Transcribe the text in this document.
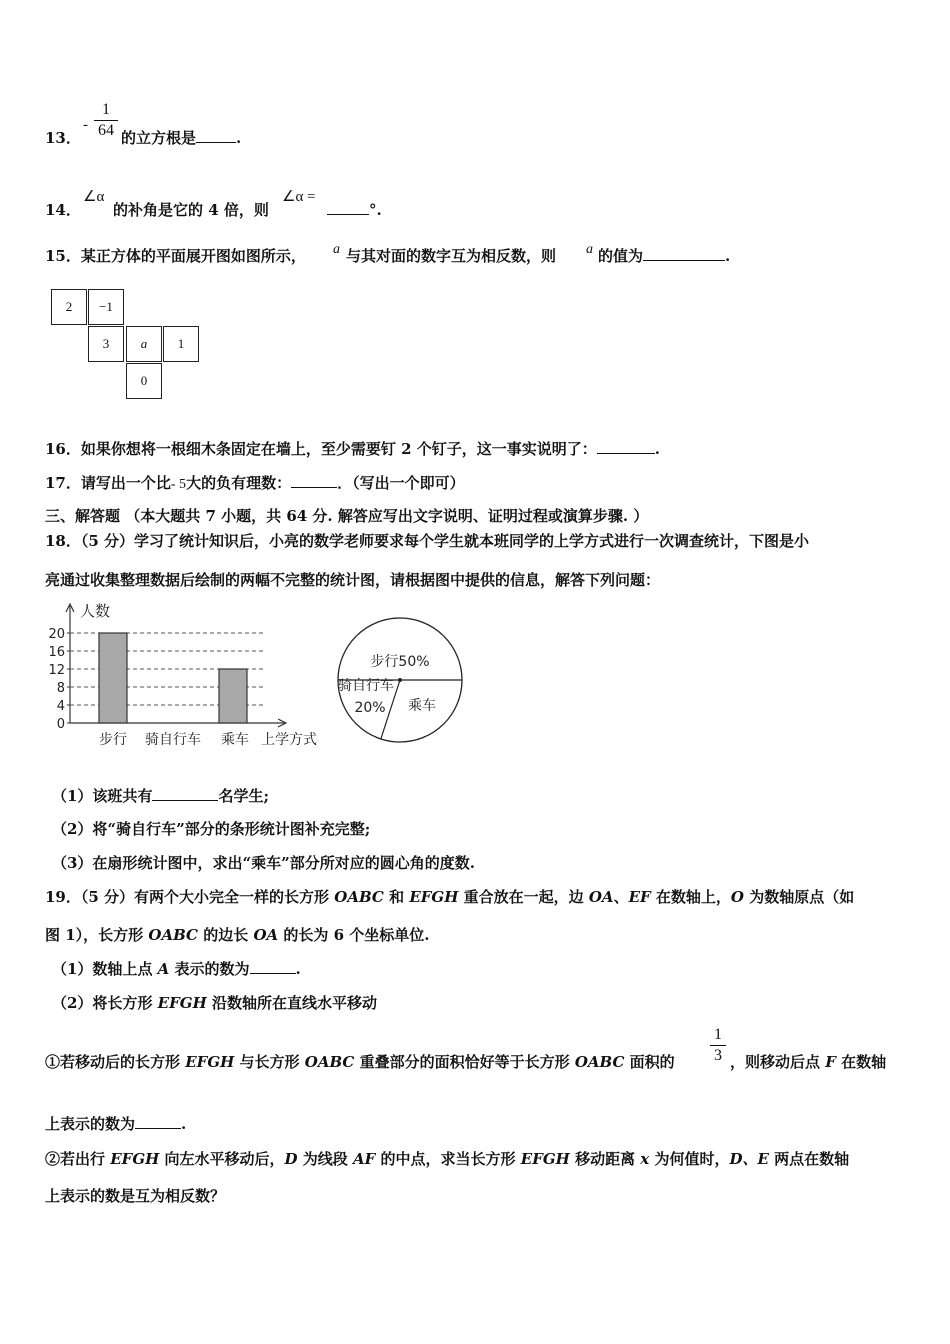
13．
-
1
64 的立方根是	.
14．
∠α
的补角是它的 4 倍，则
∠α =
°.
15．某正方体的平面展开图如图所示， a 与其对面的数字互为相反数，则 a 的值为	.
2	−1
3	a	1
0
16．如果你想将一根细木条固定在墙上，至少需要钉 2 个钉子，这一事实说明了：	.
17．请写出一个比- 5大的负有理数：	．（写出一个即可）
三、解答题 （本大题共 7 小题，共 64 分. 解答应写出文字说明、证明过程或演算步骤. ）
18．（5 分）学习了统计知识后，小亮的数学老师要求每个学生就本班同学的上学方式进行一次调查统计，下图是小
亮通过收集整理数据后绘制的两幅不完整的统计图，请根据图中提供的信息，解答下列问题：
人数
0
4
8
12
16
20
步行 骑自行车 乘车 上学方式
步行50%
骑自行车
20% 乘车
（1）该班共有	名学生;
（2）将“骑自行车”部分的条形统计图补充完整;
（3）在扇形统计图中，求出“乘车”部分所对应的圆心角的度数.
19．（5 分）有两个大小完全一样的长方形 OABC 和 EFGH 重合放在一起，边 OA、EF 在数轴上，O 为数轴原点（如
图 1），长方形 OABC 的边长 OA 的长为 6 个坐标单位.
（1）数轴上点 A 表示的数为	.
（2）将长方形 EFGH 沿数轴所在直线水平移动
①若移动后的长方形 EFGH 与长方形 OABC 重叠部分的面积恰好等于长方形 OABC 面积的
1
3 ，则移动后点 F 在数轴
上表示的数为	.
②若出行 EFGH 向左水平移动后，D 为线段 AF 的中点，求当长方形 EFGH 移动距离 x 为何值时，D、E 两点在数轴
上表示的数是互为相反数？
